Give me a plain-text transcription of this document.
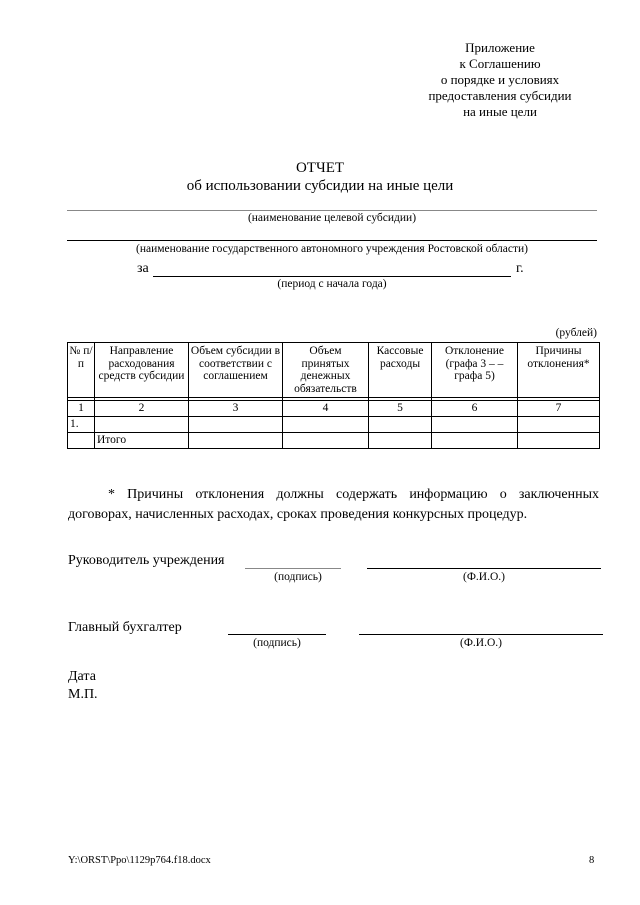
Приложение
к Соглашению
о порядке и условиях
предоставления субсидии
на иные цели
ОТЧЕТ
об использовании субсидии на иные цели
(наименование целевой субсидии)
(наименование государственного автономного учреждения Ростовской области)
за	г.
(период с начала года)
(рублей)
№ п/п	Направление расходования средств субсидии	Объем субсидии в соответствии с соглашением	Объем принятых денежных обязательств	Кассовые расходы	Отклонение (графа 3 – – графа 5)	Причины отклонения*

1	2	3	4	5	6	7
1.						
	Итого					
* Причины отклонения должны содержать информацию о заключенных договорах, начисленных расходах, сроках проведения конкурсных процедур.
Руководитель учреждения
(подпись)	(Ф.И.О.)
Главный бухгалтер
(подпись)	(Ф.И.О.)
Дата
М.П.
Y:\ORST\Ppo\1129p764.f18.docx	8
